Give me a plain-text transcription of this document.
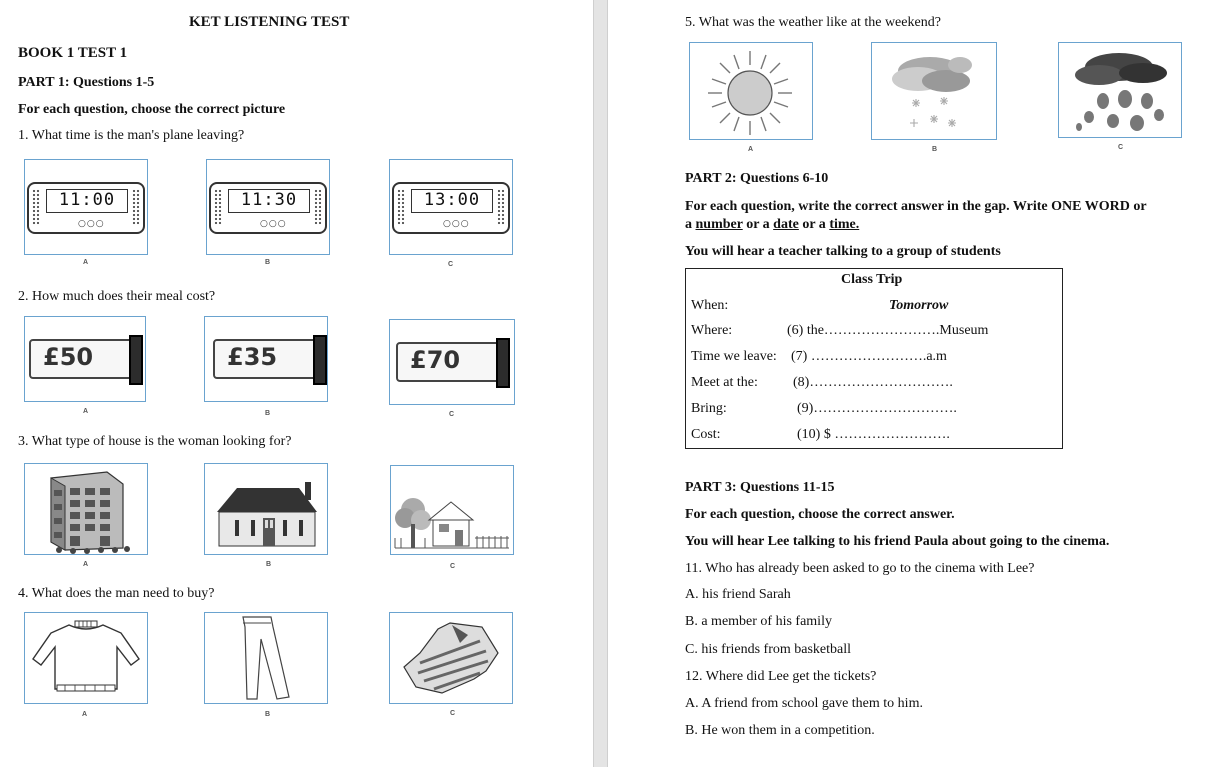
KET LISTENING TEST
BOOK 1 TEST 1
PART 1: Questions 1-5
For each question, choose the correct picture
1. What time is the man's plane leaving?
11:00
○○○
A
11:30
○○○
B
13:00
○○○
C
2. How much does their meal cost?
£50
A
£35
B
£70
C
3. What type of house is the woman looking for?
A	B	C
4. What does the man need to buy?
A	B	C
5. What was the weather like at the weekend?
A	B	C
PART 2: Questions 6-10
For each question, write the correct answer in the gap. Write ONE WORD or
a number or a date or a time.
You will hear a teacher talking to a group of students
Class Trip
When:	Tomorrow
Where:	(6) the…………………….Museum
Time we leave: (7) …………………….a.m
Meet at the:	(8)………………………….
Bring:	(9)………………………….
Cost:	(10) $ …………………….
PART 3: Questions 11-15
For each question, choose the correct answer.
You will hear Lee talking to his friend Paula about going to the cinema.
11. Who has already been asked to go to the cinema with Lee?
A. his friend Sarah
B. a member of his family
C. his friends from basketball
12. Where did Lee get the tickets?
A. A friend from school gave them to him.
B. He won them in a competition.
